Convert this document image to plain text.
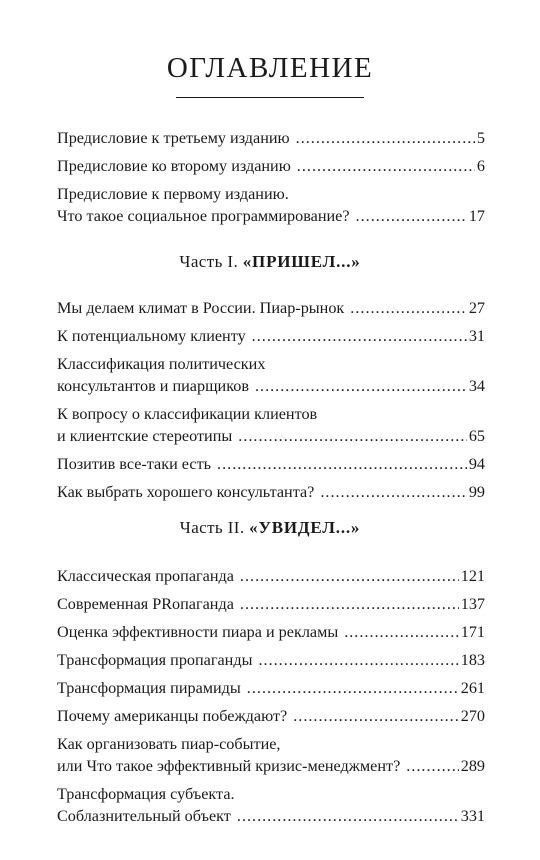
ОГЛАВЛЕНИЕ
Предисловие к третьему изданию .....	5
Предисловие ко второму изданию .....	6
Предисловие к первому изданию.
Что такое социальное программирование? .....	17
Часть I. «ПРИШЕЛ...»
Мы делаем климат в России. Пиар-рынок .....	27
К потенциальному клиенту .....	31
Классификация политических
консультантов и пиарщиков .....	34
К вопросу о классификации клиентов
и клиентские стереотипы .....	65
Позитив все-таки есть .....	94
Как выбрать хорошего консультанта? .....	99
Часть II. «УВИДЕЛ...»
Классическая пропаганда .....	121
Современная PRопаганда .....	137
Оценка эффективности пиара и рекламы .....	171
Трансформация пропаганды .....	183
Трансформация пирамиды .....	261
Почему американцы побеждают? .....	270
Как организовать пиар-событие,
или Что такое эффективный кризис-менеджмент? .....	289
Трансформация субъекта.
Соблазнительный объект .....	331
